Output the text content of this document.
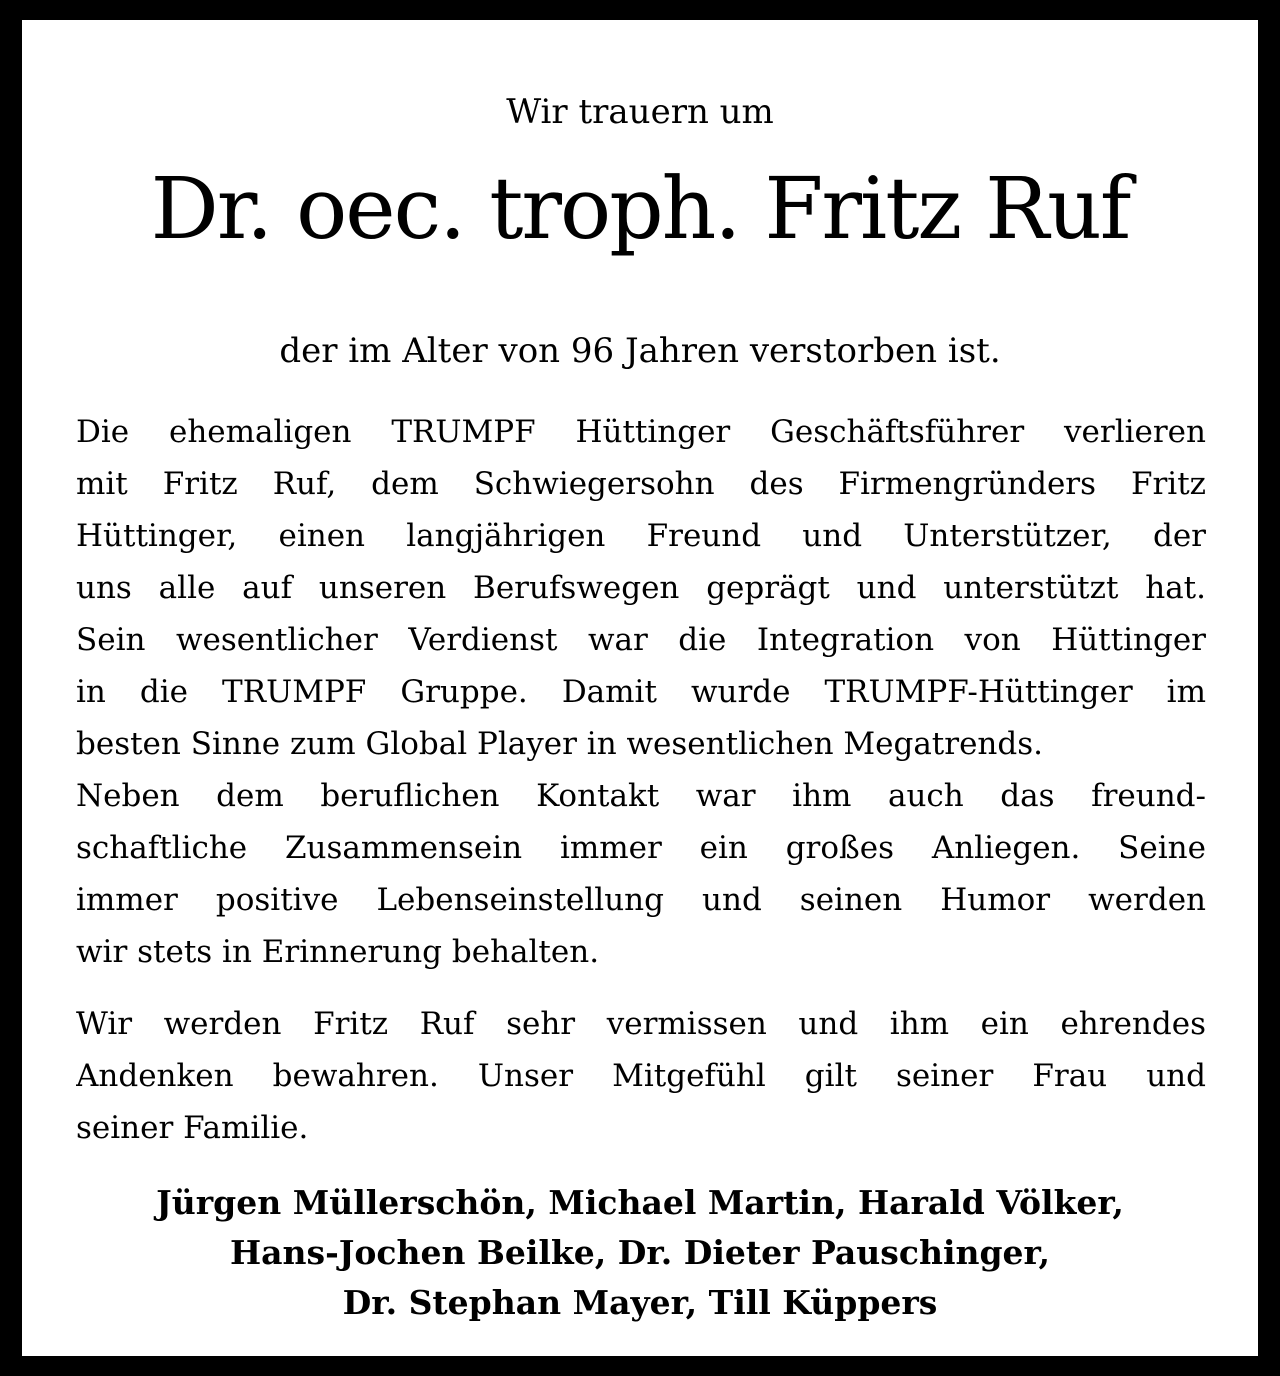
Wir trauern um
Dr. oec. troph. Fritz Ruf
der im Alter von 96 Jahren verstorben ist.
Die ehemaligen TRUMPF Hüttinger Geschäftsführer verlieren
mit Fritz Ruf, dem Schwiegersohn des Firmengründers Fritz
Hüttinger, einen langjährigen Freund und Unterstützer, der
uns alle auf unseren Berufswegen geprägt und unterstützt hat.
Sein wesentlicher Verdienst war die Integration von Hüttinger
in die TRUMPF Gruppe. Damit wurde TRUMPF-Hüttinger im
besten Sinne zum Global Player in wesentlichen Megatrends.
Neben dem beruflichen Kontakt war ihm auch das freund-
schaftliche Zusammensein immer ein großes Anliegen. Seine
immer positive Lebenseinstellung und seinen Humor werden
wir stets in Erinnerung behalten.
Wir werden Fritz Ruf sehr vermissen und ihm ein ehrendes
Andenken bewahren. Unser Mitgefühl gilt seiner Frau und
seiner Familie.
Jürgen Müllerschön, Michael Martin, Harald Völker,
Hans-Jochen Beilke, Dr. Dieter Pauschinger,
Dr. Stephan Mayer, Till Küppers
